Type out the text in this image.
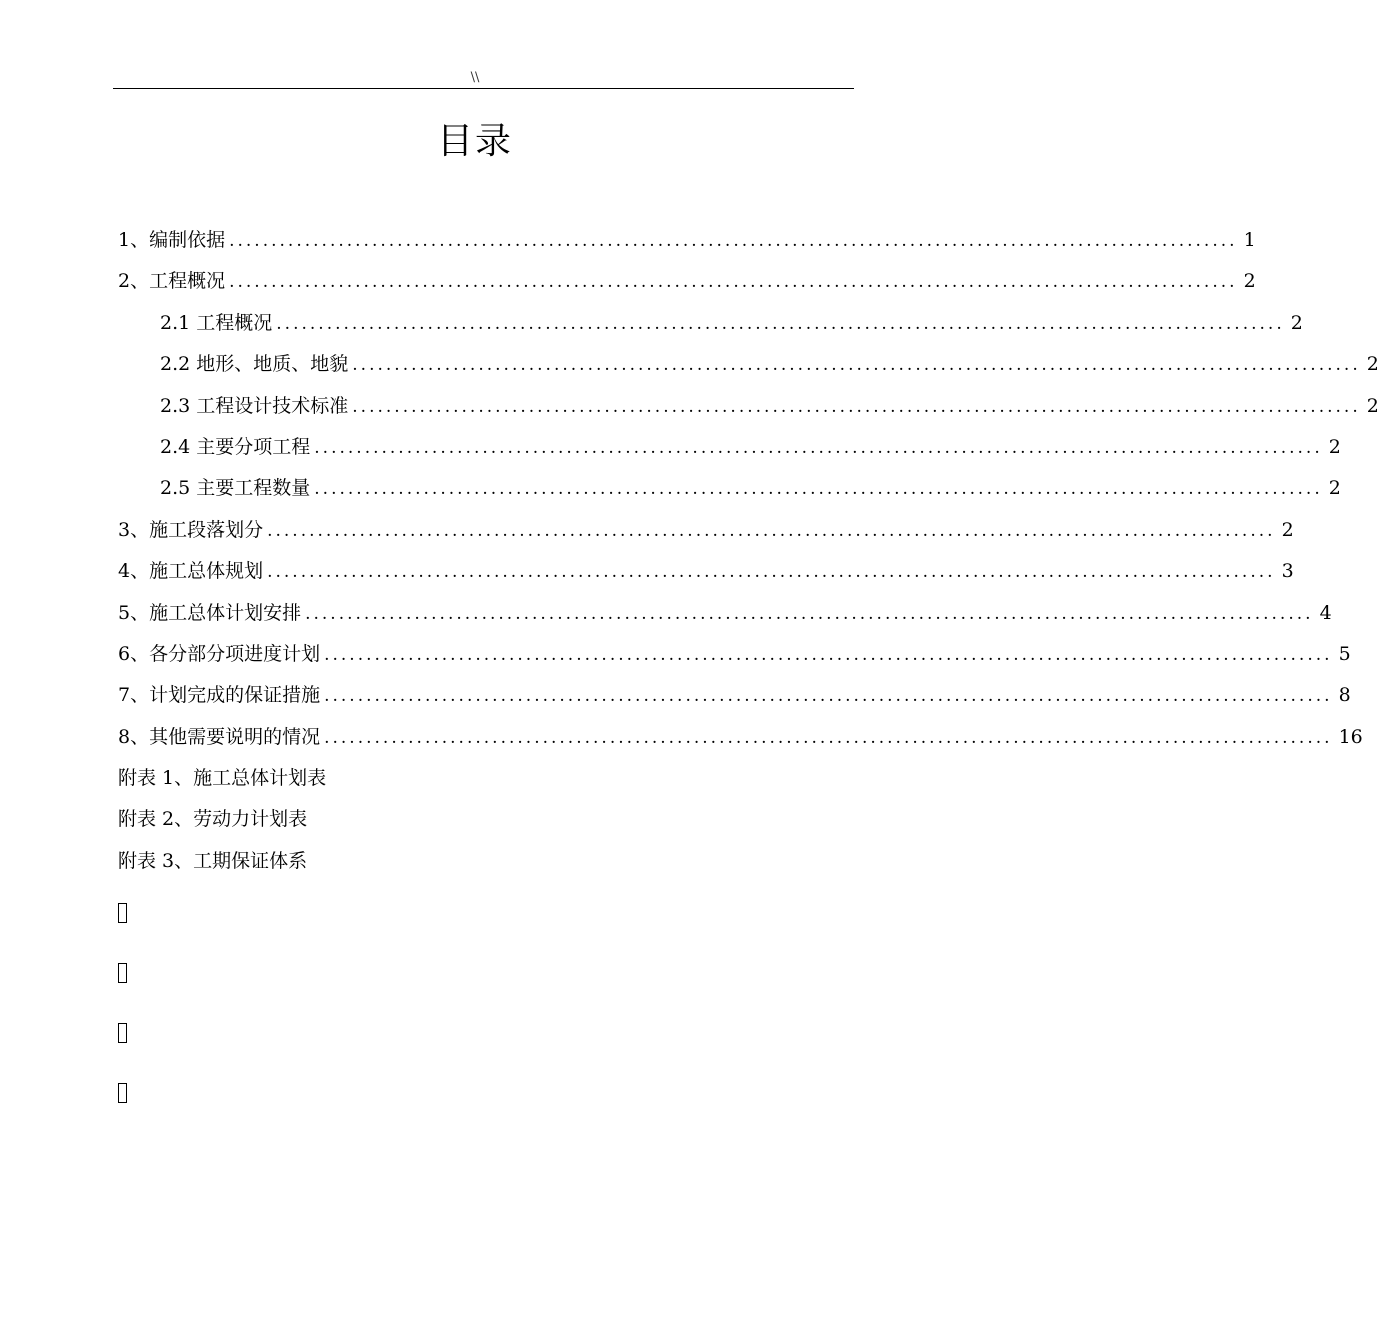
\\
目录
1、编制依据 ........................................................................................................................ 1
2、工程概况 ........................................................................................................................ 2
2.1 工程概况 ........................................................................................................................ 2
2.2 地形、地质、地貌 ........................................................................................................................ 2
2.3 工程设计技术标准 ........................................................................................................................ 2
2.4 主要分项工程 ........................................................................................................................ 2
2.5 主要工程数量 ........................................................................................................................ 2
3、施工段落划分 ........................................................................................................................ 2
4、施工总体规划 ........................................................................................................................ 3
5、施工总体计划安排 ........................................................................................................................ 4
6、各分部分项进度计划 ........................................................................................................................ 5
7、计划完成的保证措施 ........................................................................................................................ 8
8、其他需要说明的情况 ........................................................................................................................ 16
附表 1、施工总体计划表
附表 2、劳动力计划表
附表 3、工期保证体系
